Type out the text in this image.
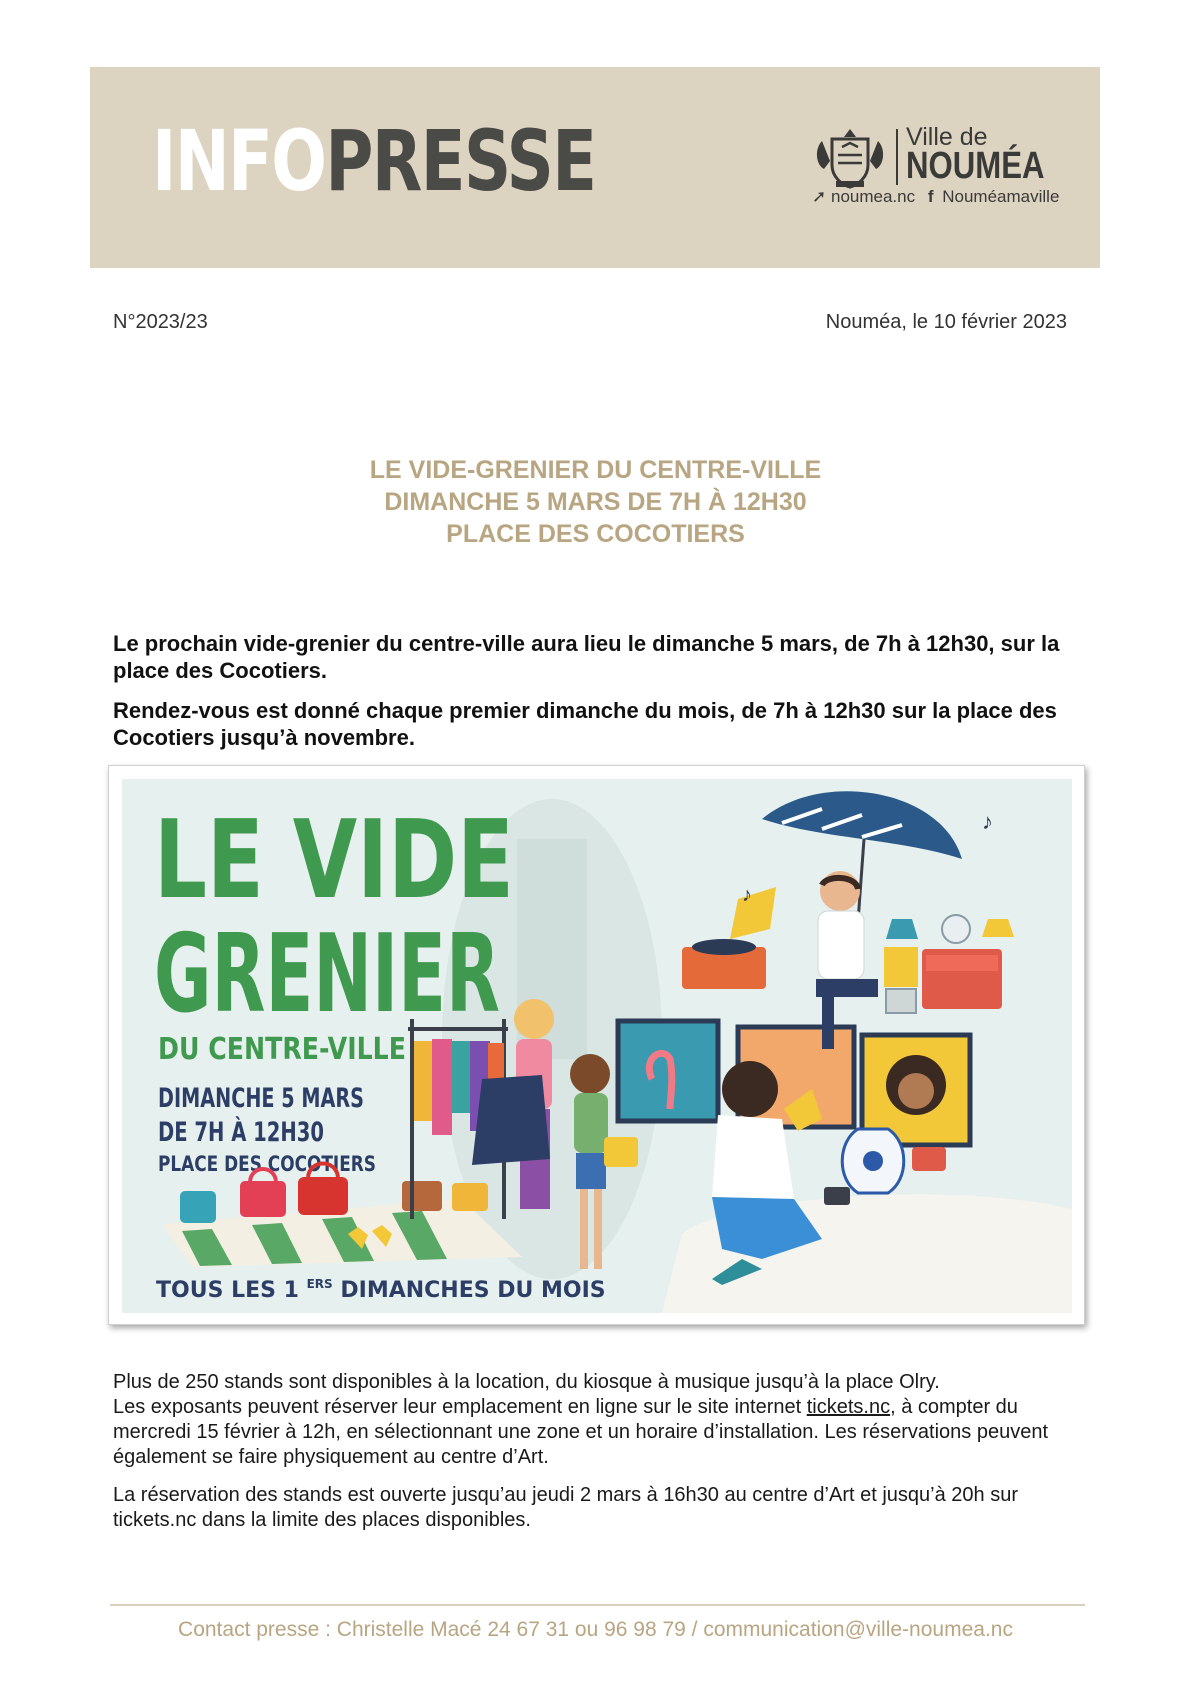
INFOPRESSE	Ville de
NOUMÉA
➚ noumea.nc f Nouméamaville
N°2023/23	Nouméa, le 10 février 2023
LE VIDE-GRENIER DU CENTRE-VILLE
DIMANCHE 5 MARS DE 7H À 12H30
PLACE DES COCOTIERS

Le prochain vide-grenier du centre-ville aura lieu le dimanche 5 mars, de 7h à 12h30, sur la place des Cocotiers.

Rendez-vous est donné chaque premier dimanche du mois, de 7h à 12h30 sur la place des Cocotiers jusqu’à novembre.

LE VIDE
GRENIER
DU CENTRE-VILLE
DIMANCHE 5 MARS
DE 7H À 12H30
PLACE DES COCOTIERS
TOUS LES 1 $^{ERS}$ DIMANCHES DU MOIS
♪
♪
Plus de 250 stands sont disponibles à la location, du kiosque à musique jusqu’à la place Olry.
Les exposants peuvent réserver leur emplacement en ligne sur le site internet tickets.nc, à compter du mercredi 15 février à 12h, en sélectionnant une zone et un horaire d’installation. Les réservations peuvent également se faire physiquement au centre d’Art.

La réservation des stands est ouverte jusqu’au jeudi 2 mars à 16h30 au centre d’Art et jusqu’à 20h sur tickets.nc dans la limite des places disponibles.

Contact presse : Christelle Macé 24 67 31 ou 96 98 79 / communication@ville-noumea.nc
